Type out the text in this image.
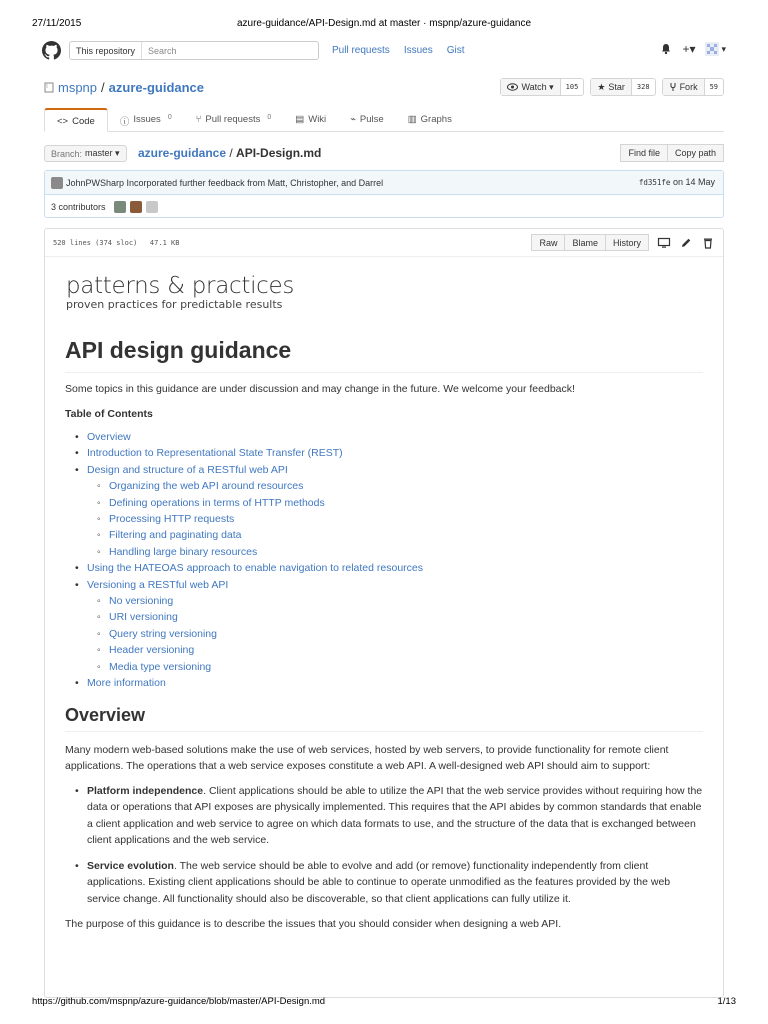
27/11/2015	azure-guidance/API-Design.md at master · mspnp/azure-guidance
This repository	Search	Pull requests Issues Gist	+▾	▾
mspnp / azure-guidance	Watch ▾	105	★ Star	328	Fork	59
<> Code	ⓘ Issues 0	⑂ Pull requests 0	▤ Wiki	⌁ Pulse	▥ Graphs
Branch: master ▾ azure-guidance / API-Design.md	Find file	Copy path
JohnPWSharp
Incorporated further feedback from Matt, Christopher, and Darrel	fd351fe on 14 May
3 contributors
520 lines (374 sloc)   47.1 KB	Raw	Blame	History
patterns & practices
proven practices for predictable results
API design guidance

Some topics in this guidance are under discussion and may change in the future. We welcome your feedback!

Table of Contents

• Overview
• Introduction to Representational State Transfer (REST)
• Design and structure of a RESTful web API
◦ Organizing the web API around resources
◦ Defining operations in terms of HTTP methods
◦ Processing HTTP requests
◦ Filtering and paginating data
◦ Handling large binary resources
• Using the HATEOAS approach to enable navigation to related resources
• Versioning a RESTful web API
◦ No versioning
◦ URI versioning
◦ Query string versioning
◦ Header versioning
◦ Media type versioning
• More information
Overview

Many modern web-based solutions make the use of web services, hosted by web servers, to provide functionality for remote client applications. The operations that a web service exposes constitute a web API. A well-designed web API should aim to support:

• Platform independence. Client applications should be able to utilize the API that the web service provides without requiring how the data or operations that API exposes are physically implemented. This requires that the API abides by common standards that enable a client application and web service to agree on which data formats to use, and the structure of the data that is exchanged between client applications and the web service.
• Service evolution. The web service should be able to evolve and add (or remove) functionality independently from client applications. Existing client applications should be able to continue to operate unmodified as the features provided by the web service change. All functionality should also be discoverable, so that client applications can fully utilize it.

The purpose of this guidance is to describe the issues that you should consider when designing a web API.

https://github.com/mspnp/azure-guidance/blob/master/API-Design.md	1/13
